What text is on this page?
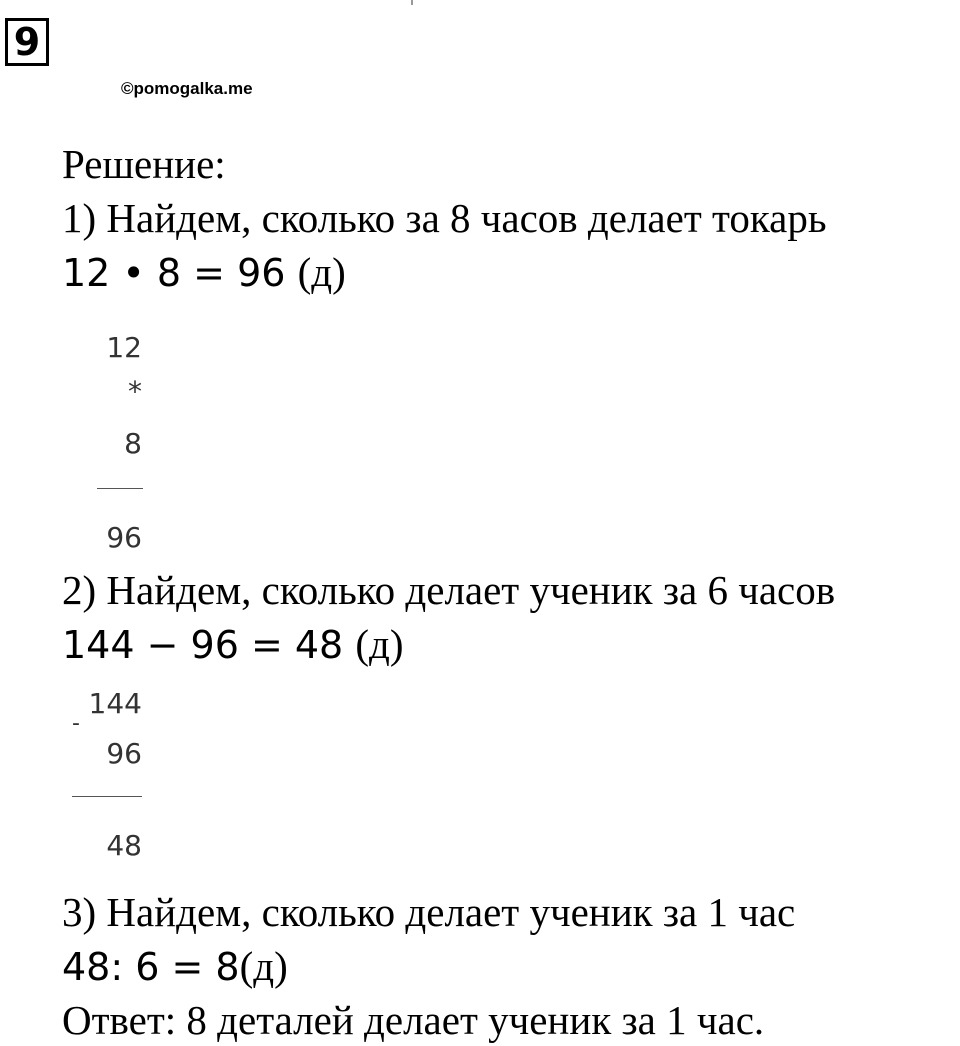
9
©pomogalka.me
Решение:
1) Найдем, сколько за 8 часов делает токарь
12 • 8 = 96 (д)
12
*
8
96
2) Найдем, сколько делает ученик за 6 часов
144 − 96 = 48 (д)
144
-
96
48
3) Найдем, сколько делает ученик за 1 час
48: 6 = 8(д)
Ответ: 8 деталей делает ученик за 1 час.
